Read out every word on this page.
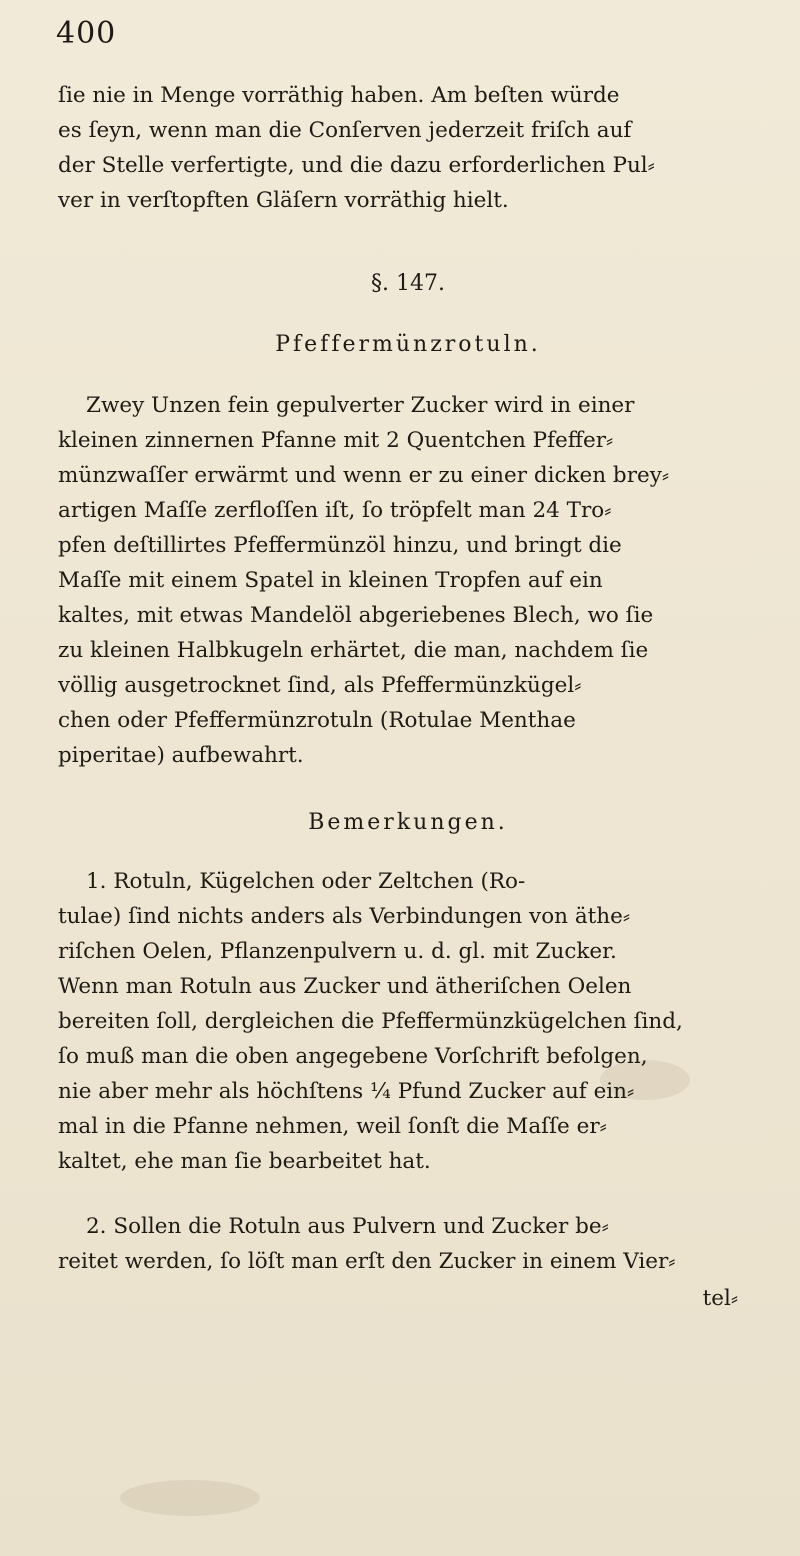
400

ſie nie in Menge vorräthig haben. Am beſten würde

es ſeyn, wenn man die Conſerven jederzeit friſch auf

der Stelle verfertigte, und die dazu erforderlichen Pul⸗

ver in verſtopften Gläſern vorräthig hielt.

§. 147.
Pfeffermünzrotuln.

Zwey Unzen fein gepulverter Zucker wird in einer

kleinen zinnernen Pfanne mit 2 Quentchen Pfeffer⸗

münzwaſſer erwärmt und wenn er zu einer dicken brey⸗

artigen Maſſe zerfloſſen iſt, ſo tröpfelt man 24 Tro⸗

pfen deſtillirtes Pfeffermünzöl hinzu, und bringt die

Maſſe mit einem Spatel in kleinen Tropfen auf ein

kaltes, mit etwas Mandelöl abgeriebenes Blech, wo ſie

zu kleinen Halbkugeln erhärtet, die man, nachdem ſie

völlig ausgetrocknet ſind, als Pfeffermünzkügel⸗

chen oder Pfeffermünzrotuln (Rotulae Menthae

piperitae) aufbewahrt.

Bemerkungen.

1. Rotuln, Kügelchen oder Zeltchen (Ro-

tulae) ſind nichts anders als Verbindungen von äthe⸗

riſchen Oelen, Pflanzenpulvern u. d. gl. mit Zucker.

Wenn man Rotuln aus Zucker und ätheriſchen Oelen

bereiten ſoll, dergleichen die Pfeffermünzkügelchen ſind,

ſo muß man die oben angegebene Vorſchrift befolgen,

nie aber mehr als höchſtens ¼ Pfund Zucker auf ein⸗

mal in die Pfanne nehmen, weil ſonſt die Maſſe er⸗

kaltet, ehe man ſie bearbeitet hat.

2. Sollen die Rotuln aus Pulvern und Zucker be⸗

reitet werden, ſo löſt man erſt den Zucker in einem Vier⸗

tel⸗
